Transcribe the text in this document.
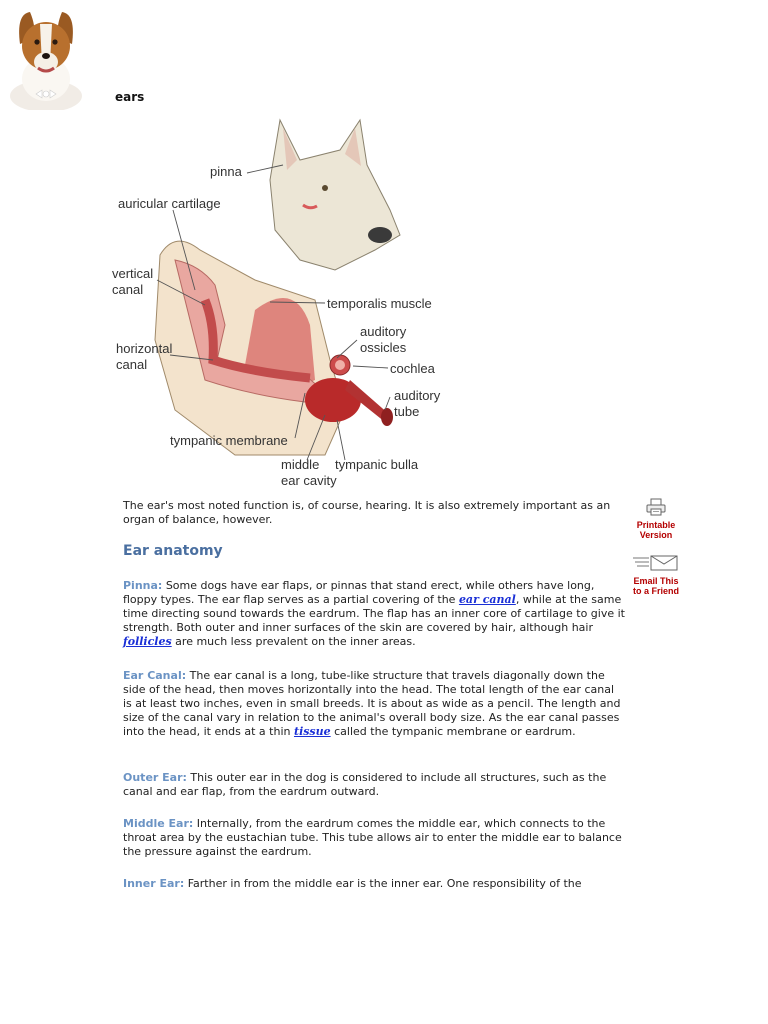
ears
pinna
auricular cartilage
vertical
canal
temporalis muscle
auditory
ossicles
horizontal
canal	cochlea
auditory
tube
tympanic membrane
middle
ear cavity
tympanic bulla
The ear's most noted function is, of course, hearing. It is also extremely important as an organ of balance, however.
Ear anatomy
Pinna: Some dogs have ear flaps, or pinnas that stand erect, while others have long, floppy types. The ear flap serves as a partial covering of the ear canal, while at the same time directing sound towards the eardrum. The flap has an inner core of cartilage to give it strength. Both outer and inner surfaces of the skin are covered by hair, although hair follicles are much less prevalent on the inner areas.
Ear Canal: The ear canal is a long, tube-like structure that travels diagonally down the side of the head, then moves horizontally into the head. The total length of the ear canal is at least two inches, even in small breeds. It is about as wide as a pencil. The length and size of the canal vary in relation to the animal's overall body size. As the ear canal passes into the head, it ends at a thin tissue called the tympanic membrane or eardrum.
Outer Ear: This outer ear in the dog is considered to include all structures, such as the canal and ear flap, from the eardrum outward.
Middle Ear: Internally, from the eardrum comes the middle ear, which connects to the throat area by the eustachian tube. This tube allows air to enter the middle ear to balance the pressure against the eardrum.
Inner Ear: Farther in from the middle ear is the inner ear. One responsibility of the
Printable
Version
Email This
to a Friend
